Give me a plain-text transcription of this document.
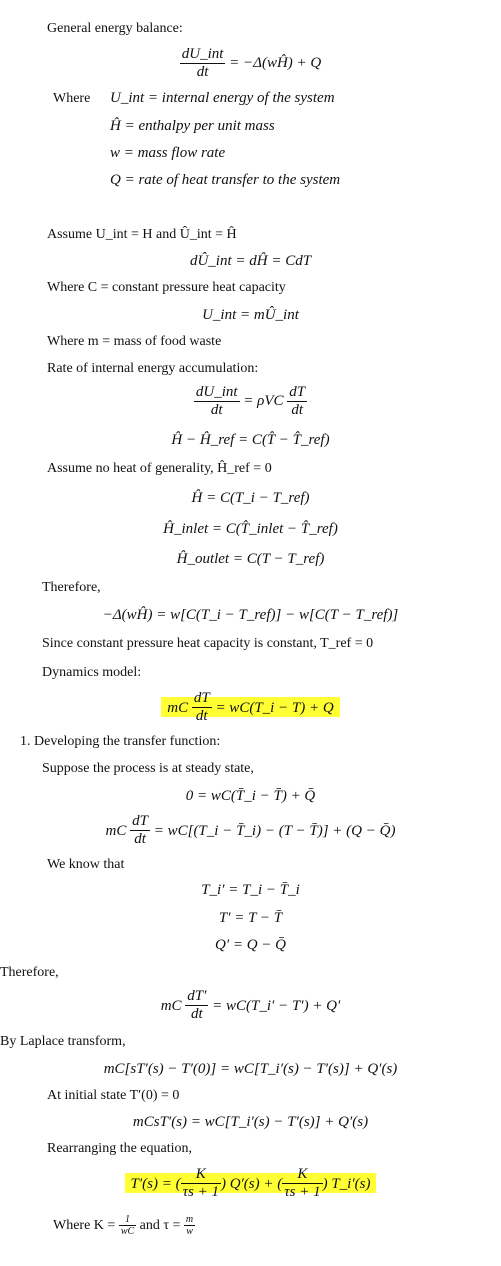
General energy balance:
$\frac{\text{dU\_int}}{dt}$ = −Δ(wĤ) + Q
Where U_int = internal energy of the system
Ĥ = enthalpy per unit mass
w = mass flow rate
Q = rate of heat transfer to the system
Assume U_int = H and Û_int = Ĥ
dÛ_int = dĤ = CdT
Where C = constant pressure heat capacity
U_int = mÛ_int
Where m = mass of food waste
Rate of internal energy accumulation:
$\frac{\text{dU\_int}}{dt} = \rho VC \frac{dT}{dt}$
Ĥ − Ĥ_ref = C(T̂ − T̂_ref)
Assume no heat of generality, Ĥ_ref = 0
Ĥ = C(T_i − T_ref)
Ĥ_inlet = C(T̂_inlet − T̂_ref)
Ĥ_outlet = C(T − T_ref)
Therefore,
−Δ(wĤ) = w[C(T_i − T_ref)] − w[C(T − T_ref)]
Since constant pressure heat capacity is constant, T_ref = 0
Dynamics model:
mC $\frac{dT}{dt}$ = wC(T_i − T) + Q
1. Developing the transfer function:
Suppose the process is at steady state,
0 = wC(T̄_i − T̄) + Q̄
mC $\frac{dT}{dt}$ = wC[(T_i − T̄_i) − (T − T̄)] + (Q − Q̄)
We know that
T_i′ = T_i − T̄_i
T′ = T − T̄
Q′ = Q − Q̄
Therefore,
mC $\frac{dT'}{dt}$ = wC(T_i′ − T′) + Q′
By Laplace transform,
mC[sT′(s) − T′(0)] = wC[T_i′(s) − T′(s)] + Q′(s)
At initial state T′(0) = 0
mCsT′(s) = wC[T_i′(s) − T′(s)] + Q′(s)
Rearranging the equation,
T′(s) = ( $\frac{K}{\tau s + 1}$ ) Q′(s) + ( $\frac{K}{\tau s + 1}$ ) T_i′(s)
Where $K = \frac{1}{wC}$ and $\tau = \frac{m}{w}$
